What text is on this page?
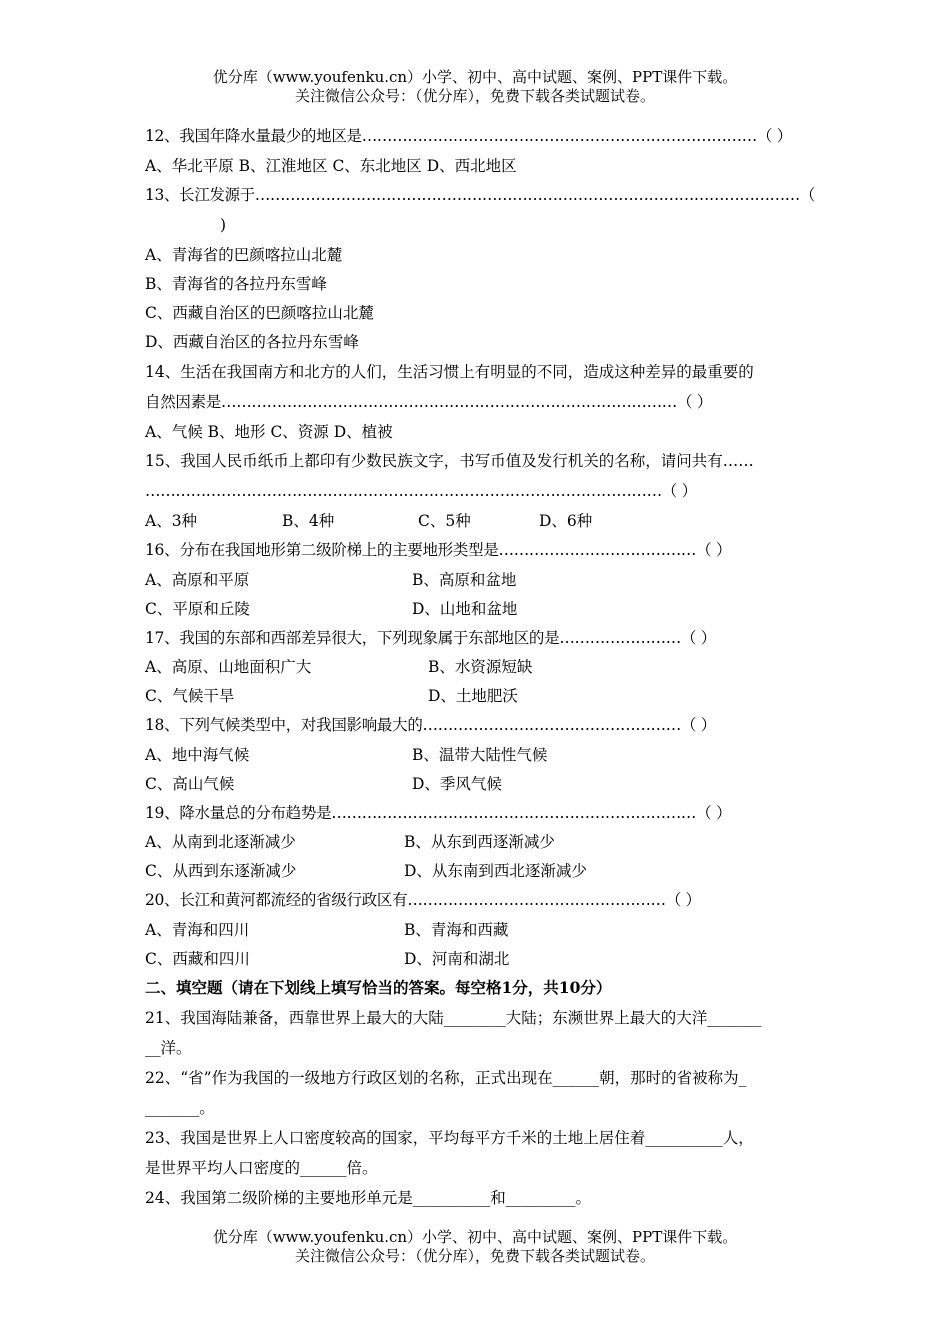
优分库（www.youfenku.cn）小学、初中、高中试题、案例、PPT课件下载。
关注微信公众号：（优分库），免费下载各类试题试卷。
12、我国年降水量最少的地区是……………………………………………………………………（ ）
A、华北平原 B、江淮地区 C、东北地区 D、西北地区
13、长江发源于………………………………………………………………………………………………（
)
A、青海省的巴颜喀拉山北麓
B、青海省的各拉丹东雪峰
C、西藏自治区的巴颜喀拉山北麓
D、西藏自治区的各拉丹东雪峰
14、生活在我国南方和北方的人们，生活习惯上有明显的不同，造成这种差异的最重要的
自然因素是………………………………………………………………………………（ ）
A、气候 B、地形 C、资源 D、植被
15、我国人民币纸币上都印有少数民族文字，书写币值及发行机关的名称，请问共有……
…………………………………………………………………………………………（ ）
A、3种	B、4种	C、5种	D、6种
16、分布在我国地形第二级阶梯上的主要地形类型是…………………………………（ ）
A、高原和平原	B、高原和盆地
C、平原和丘陵	D、山地和盆地
17、我国的东部和西部差异很大，下列现象属于东部地区的是……………………（ ）
A、高原、山地面积广大	B、水资源短缺
C、气候干旱	D、土地肥沃
18、下列气候类型中，对我国影响最大的……………………………………………（ ）
A、地中海气候	B、温带大陆性气候
C、高山气候	D、季风气候
19、降水量总的分布趋势是………………………………………………………………（ ）
A、从南到北逐渐减少	B、从东到西逐渐减少
C、从西到东逐渐减少	D、从东南到西北逐渐减少
20、长江和黄河都流经的省级行政区有……………………………………………（ ）
A、青海和四川	B、青海和西藏
C、西藏和四川	D、河南和湖北
二、填空题（请在下划线上填写恰当的答案。每空格1分，共10分）
21、我国海陆兼备，西靠世界上最大的大陆________大陆；东濒世界上最大的大洋_______
__洋。
22、“省”作为我国的一级地方行政区划的名称，正式出现在______朝，那时的省被称为_
_______。
23、我国是世界上人口密度较高的国家，平均每平方千米的土地上居住着__________人，
是世界平均人口密度的______倍。
24、我国第二级阶梯的主要地形单元是__________和_________。
优分库（www.youfenku.cn）小学、初中、高中试题、案例、PPT课件下载。
关注微信公众号：（优分库），免费下载各类试题试卷。
